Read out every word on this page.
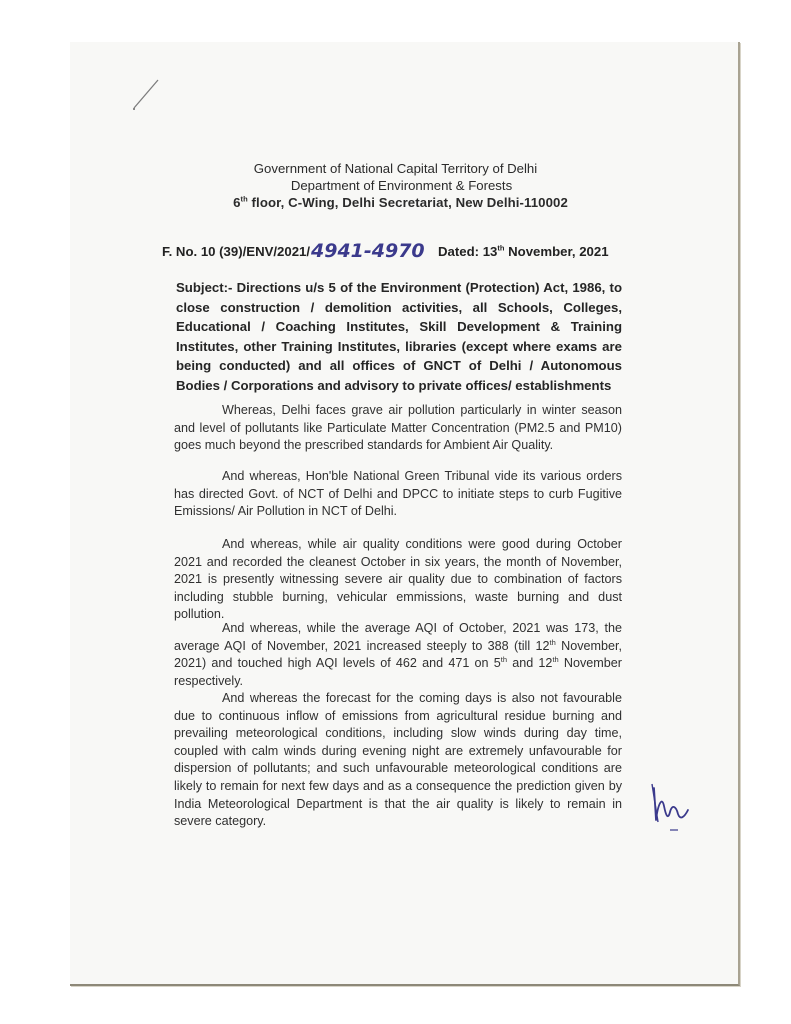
Government of National Capital Territory of Delhi
Department of Environment & Forests
6th floor, C-Wing, Delhi Secretariat, New Delhi-110002
F. No. 10 (39)/ENV/2021/ 4941-4970 Dated: 13th November, 2021
Subject:- Directions u/s 5 of the Environment (Protection) Act, 1986, to close construction / demolition activities, all Schools, Colleges, Educational / Coaching Institutes, Skill Development & Training Institutes, other Training Institutes, libraries (except where exams are being conducted) and all offices of GNCT of Delhi / Autonomous Bodies / Corporations and advisory to private offices/ establishments
Whereas, Delhi faces grave air pollution particularly in winter season and level of pollutants like Particulate Matter Concentration (PM2.5 and PM10) goes much beyond the prescribed standards for Ambient Air Quality.
And whereas, Hon'ble National Green Tribunal vide its various orders has directed Govt. of NCT of Delhi and DPCC to initiate steps to curb Fugitive Emissions/ Air Pollution in NCT of Delhi.
And whereas, while air quality conditions were good during October 2021 and recorded the cleanest October in six years, the month of November, 2021 is presently witnessing severe air quality due to combination of factors including stubble burning, vehicular emmissions, waste burning and dust pollution.
And whereas, while the average AQI of October, 2021 was 173, the average AQI of November, 2021 increased steeply to 388 (till 12th November, 2021) and touched high AQI levels of 462 and 471 on 5th and 12th November respectively.
And whereas the forecast for the coming days is also not favourable due to continuous inflow of emissions from agricultural residue burning and prevailing meteorological conditions, including slow winds during day time, coupled with calm winds during evening night are extremely unfavourable for dispersion of pollutants; and such unfavourable meteorological conditions are likely to remain for next few days and as a consequence the prediction given by India Meteorological Department is that the air quality is likely to remain in severe category.
